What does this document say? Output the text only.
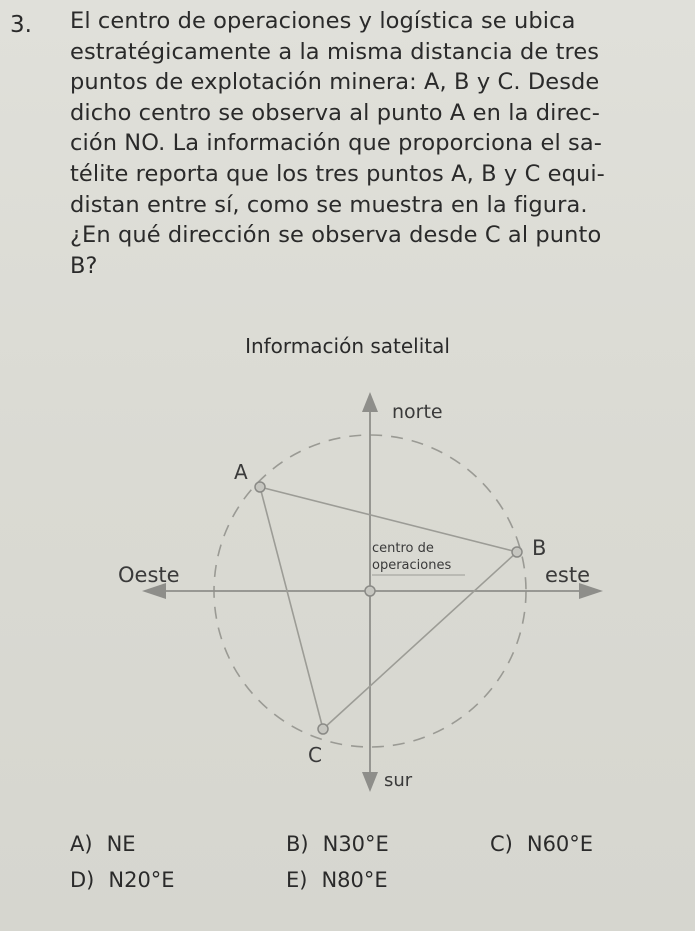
3. El centro de operaciones y logística se ubica
estratégicamente a la misma distancia de tres
puntos de explotación minera: A, B y C. Desde
dicho centro se observa al punto A en la direc-
ción NO. La información que proporciona el sa-
télite reporta que los tres puntos A, B y C equi-
distan entre sí, como se muestra en la figura.
¿En qué dirección se observa desde C al punto
B?
Información satelital
norte
sur
Oeste	este
centro de
operaciones
A
B
C
A) NE	B) N30°E	C) N60°E
D) N20°E	E) N80°E
